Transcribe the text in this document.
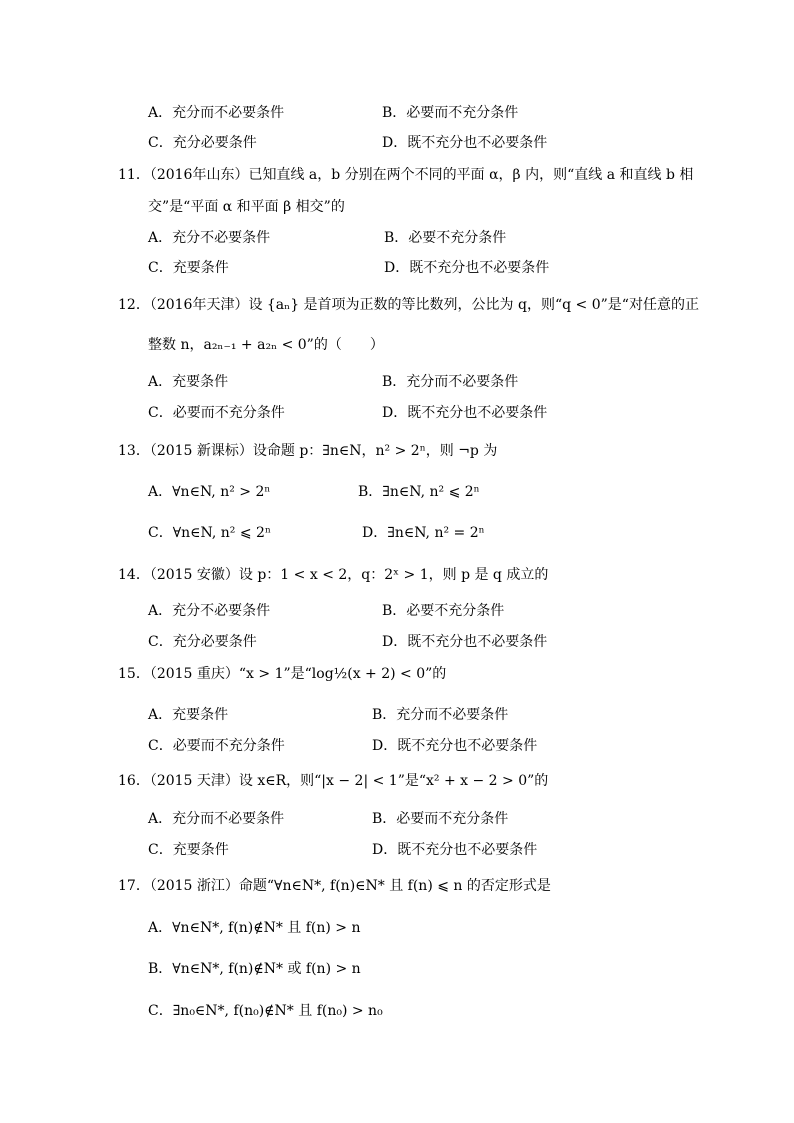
A．充分而不必要条件	B．必要而不充分条件
C．充分必要条件	D．既不充分也不必要条件
11．（2016年山东）已知直线 a，b 分别在两个不同的平面 α，β 内，则“直线 a 和直线 b 相
交”是“平面 α 和平面 β 相交”的
A．充分不必要条件	B．必要不充分条件
C．充要条件	D．既不充分也不必要条件
12．（2016年天津）设 {aₙ} 是首项为正数的等比数列，公比为 q，则“q < 0”是“对任意的正
整数 n，a₂ₙ₋₁ + a₂ₙ < 0”的（　　）
A．充要条件	B．充分而不必要条件
C．必要而不充分条件	D．既不充分也不必要条件
13．（2015 新课标）设命题 p：∃n∈N，n² > 2ⁿ，则 ¬p 为
A．∀n∈N, n² > 2ⁿ	B．∃n∈N, n² ⩽ 2ⁿ
C．∀n∈N, n² ⩽ 2ⁿ	D．∃n∈N, n² = 2ⁿ
14．（2015 安徽）设 p：1 < x < 2，q：2ˣ > 1，则 p 是 q 成立的
A．充分不必要条件	B．必要不充分条件
C．充分必要条件	D．既不充分也不必要条件
15．（2015 重庆）“x > 1”是“log½(x + 2) < 0”的
A．充要条件	B．充分而不必要条件
C．必要而不充分条件	D．既不充分也不必要条件
16．（2015 天津）设 x∈R，则“|x − 2| < 1”是“x² + x − 2 > 0”的
A．充分而不必要条件	B．必要而不充分条件
C．充要条件	D．既不充分也不必要条件
17．（2015 浙江）命题“∀n∈N*, f(n)∈N* 且 f(n) ⩽ n 的否定形式是
A．∀n∈N*, f(n)∉N* 且 f(n) > n
B．∀n∈N*, f(n)∉N* 或 f(n) > n
C．∃n₀∈N*, f(n₀)∉N* 且 f(n₀) > n₀
